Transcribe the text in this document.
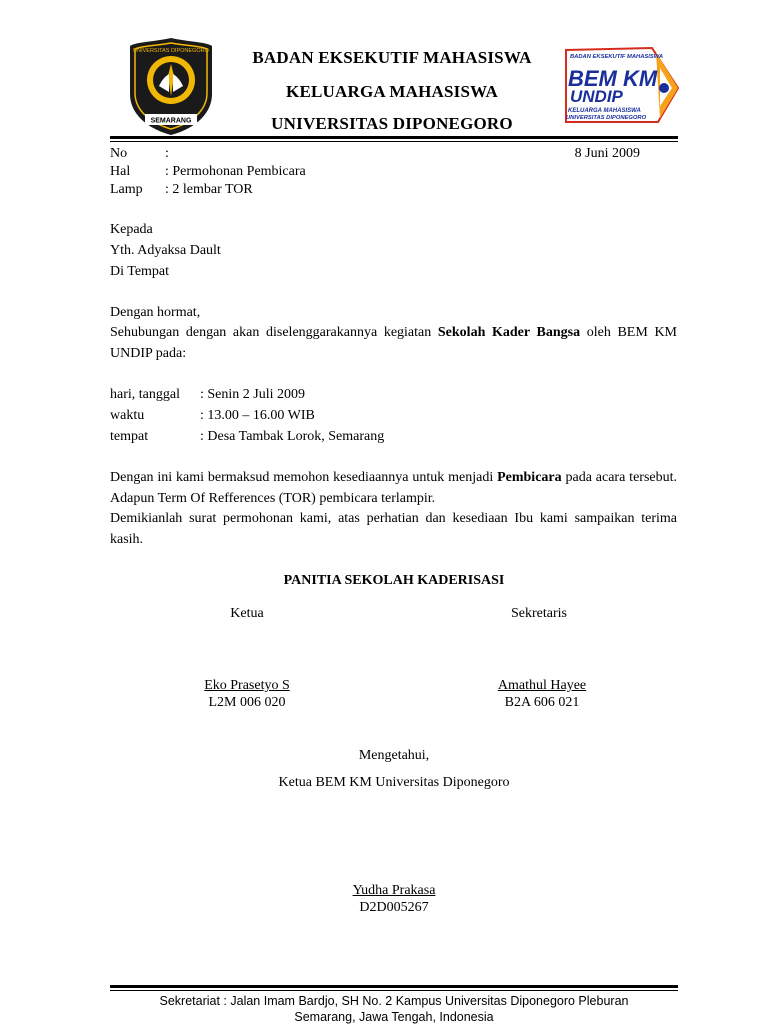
UNIVERSITAS DIPONEGORO
SEMARANG
BADAN EKSEKUTIF MAHASISWA
KELUARGA MAHASISWA
UNIVERSITAS DIPONEGORO
BADAN EKSEKUTIF MAHASISWA
BEM KM
UNDIP
KELUARGA MAHASISWA
UNIVERSITAS DIPONEGORO
No	:	8 Juni 2009
Hal : Permohonan Pembicara
Lamp : 2 lembar TOR
Kepada
Yth. Adyaksa Dault
Di Tempat
Dengan hormat,
Sehubungan dengan akan diselenggarakannya kegiatan Sekolah Kader Bangsa oleh BEM KM UNDIP pada:
hari, tanggal : Senin 2 Juli 2009
waktu	: 13.00 – 16.00 WIB
tempat	: Desa Tambak Lorok, Semarang
Dengan ini kami bermaksud memohon kesediaannya untuk menjadi Pembicara pada acara tersebut. Adapun Term Of Refferences (TOR) pembicara terlampir.
Demikianlah surat permohonan kami, atas perhatian dan kesediaan Ibu kami sampaikan terima kasih.
PANITIA SEKOLAH KADERISASI
Ketua	Sekretaris
Eko Prasetyo S
L2M 006 020
Amathul Hayee
B2A 606 021
Mengetahui,
Ketua BEM KM Universitas Diponegoro
Yudha Prakasa
D2D005267
Sekretariat : Jalan Imam Bardjo, SH No. 2 Kampus Universitas Diponegoro Pleburan
Semarang, Jawa Tengah, Indonesia
